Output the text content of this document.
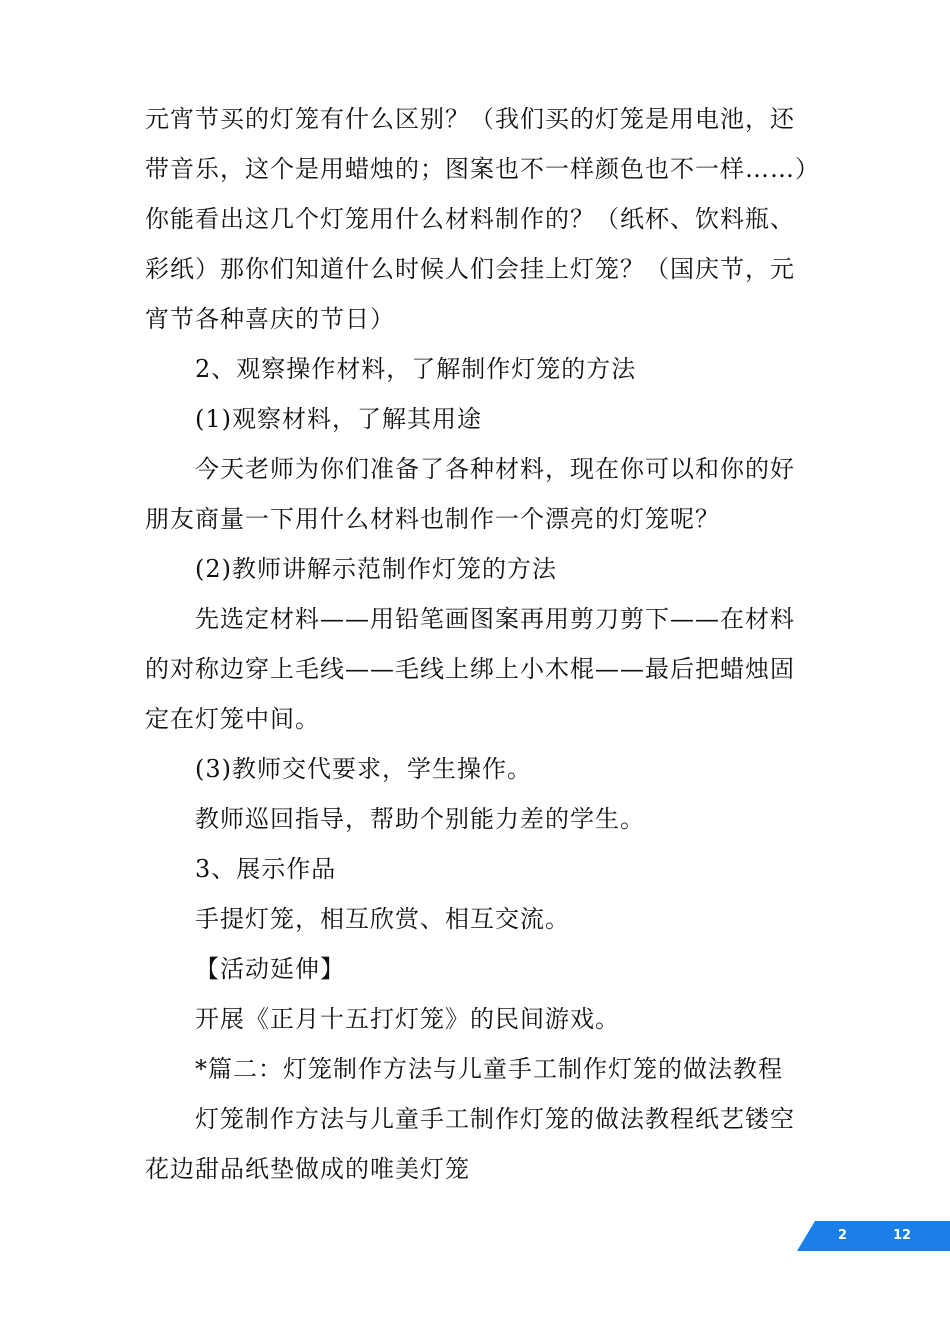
元宵节买的灯笼有什么区别？（我们买的灯笼是用电池，还带音乐，这个是用蜡烛的；图案也不一样颜色也不一样……）你能看出这几个灯笼用什么材料制作的？（纸杯、饮料瓶、彩纸）那你们知道什么时候人们会挂上灯笼？（国庆节，元宵节各种喜庆的节日）

2、观察操作材料，了解制作灯笼的方法

(1)观察材料，了解其用途

今天老师为你们准备了各种材料，现在你可以和你的好朋友商量一下用什么材料也制作一个漂亮的灯笼呢？

(2)教师讲解示范制作灯笼的方法

先选定材料——用铅笔画图案再用剪刀剪下——在材料的对称边穿上毛线——毛线上绑上小木棍——最后把蜡烛固定在灯笼中间。

(3)教师交代要求，学生操作。

教师巡回指导，帮助个别能力差的学生。

3、展示作品

手提灯笼，相互欣赏、相互交流。

【活动延伸】

开展《正月十五打灯笼》的民间游戏。

*篇二：灯笼制作方法与儿童手工制作灯笼的做法教程

灯笼制作方法与儿童手工制作灯笼的做法教程纸艺镂空花边甜品纸垫做成的唯美灯笼

2	12
